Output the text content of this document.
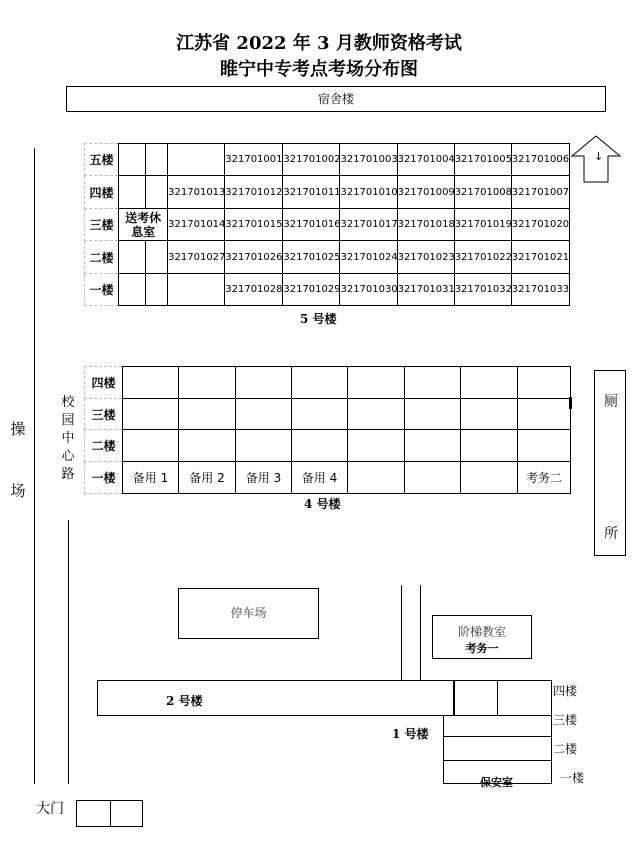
江苏省 2022 年 3 月教师资格考试
睢宁中专考点考场分布图
宿舍楼
↓
操
场
校
园
中
心
路
五楼				321701001	321701002	321701003	321701004	321701005	321701006
四楼			321701013	321701012	321701011	321701010	321701009	321701008	321701007
三楼	送考休息室		321701014	321701015	321701016	321701017	321701018	321701019	321701020
二楼			321701027	321701026	321701025	321701024	321701023	321701022	321701021
一楼				321701028	321701029	321701030	321701031	321701032	321701033
5 号楼
四楼								
三楼								
二楼								
一楼	备用 1	备用 2	备用 3	备用 4				考务二
4 号楼
厕
所
停车场
阶梯教室
考务一
2 号楼
保安室
1 号楼
四楼
三楼
二楼
一楼
大门
